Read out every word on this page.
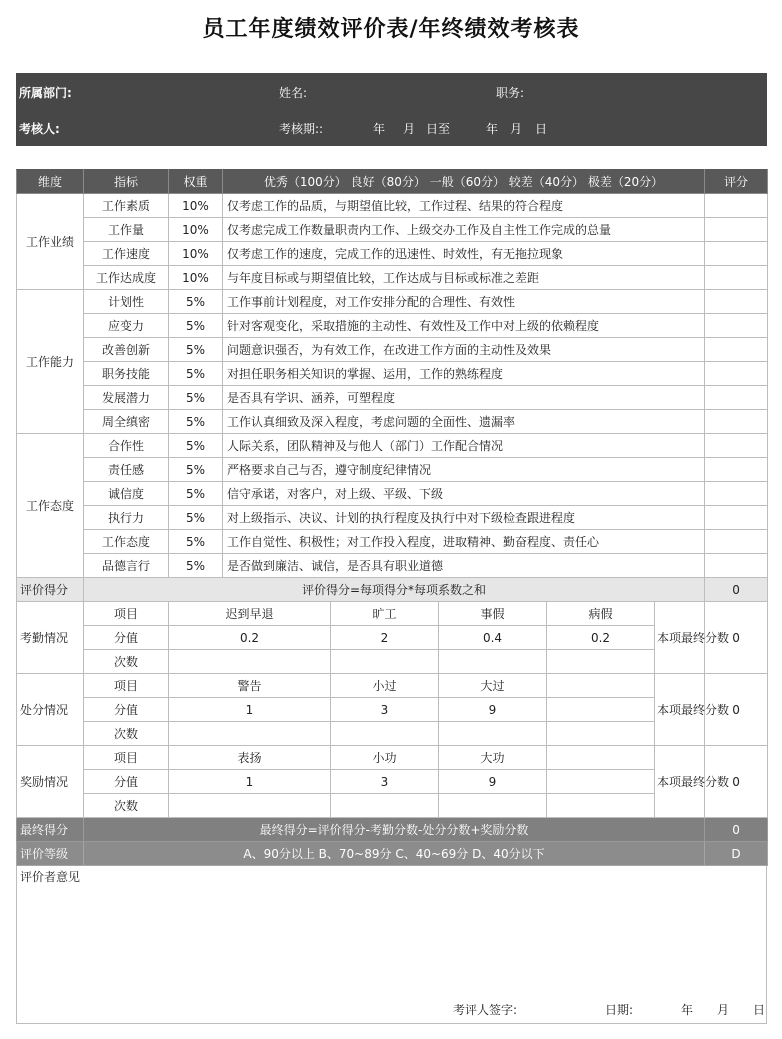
员工年度绩效评价表/年终绩效考核表
所属部门:	姓名:	职务:
考核人:	考核期::	年 月 日至	年 月 日
维度	指标	权重	优秀（100分） 良好（80分） 一般（60分） 较差（40分） 极差（20分）					评分
工作业绩	工作素质	10%	仅考虑工作的品质，与期望值比较，工作过程、结果的符合程度					
	工作量	10%	仅考虑完成工作数量职责内工作、上级交办工作及自主性工作完成的总量					
	工作速度	10%	仅考虑工作的速度，完成工作的迅速性、时效性，有无拖拉现象					
	工作达成度	10%	与年度目标或与期望值比较，工作达成与目标或标准之差距					
工作能力	计划性	5%	工作事前计划程度，对工作安排分配的合理性、有效性					
	应变力	5%	针对客观变化，采取措施的主动性、有效性及工作中对上级的依赖程度					
	改善创新	5%	问题意识强否，为有效工作，在改进工作方面的主动性及效果					
	职务技能	5%	对担任职务相关知识的掌握、运用，工作的熟练程度					
	发展潜力	5%	是否具有学识、涵养，可塑程度					
	周全缜密	5%	工作认真细致及深入程度，考虑问题的全面性、遗漏率					
工作态度	合作性	5%	人际关系，团队精神及与他人（部门）工作配合情况					
	责任感	5%	严格要求自己与否，遵守制度纪律情况					
	诚信度	5%	信守承诺，对客户，对上级、平级、下级					
	执行力	5%	对上级指示、决议、计划的执行程度及执行中对下级检查跟进程度					
	工作态度	5%	工作自觉性、积极性；对工作投入程度，进取精神、勤奋程度、责任心					
	品德言行	5%	是否做到廉洁、诚信，是否具有职业道德					
评价得分	评价得分=每项得分*每项系数之和							0
考勤情况	项目	迟到早退		旷工	事假	病假	本项最终分数	0
	分值	0.2		2	0.4	0.2		
	次数							
处分情况	项目	警告		小过	大过		本项最终分数	0
	分值	1		3	9			
	次数							
奖励情况	项目	表扬		小功	大功		本项最终分数	0
	分值	1		3	9			
	次数							
最终得分	最终得分=评价得分-考勤分数-处分分数+奖励分数							0
评价等级	A、90分以上 B、70~89分 C、40~69分 D、40分以下							D
评价者意见
考评人签字:	日期:	年 月 日
